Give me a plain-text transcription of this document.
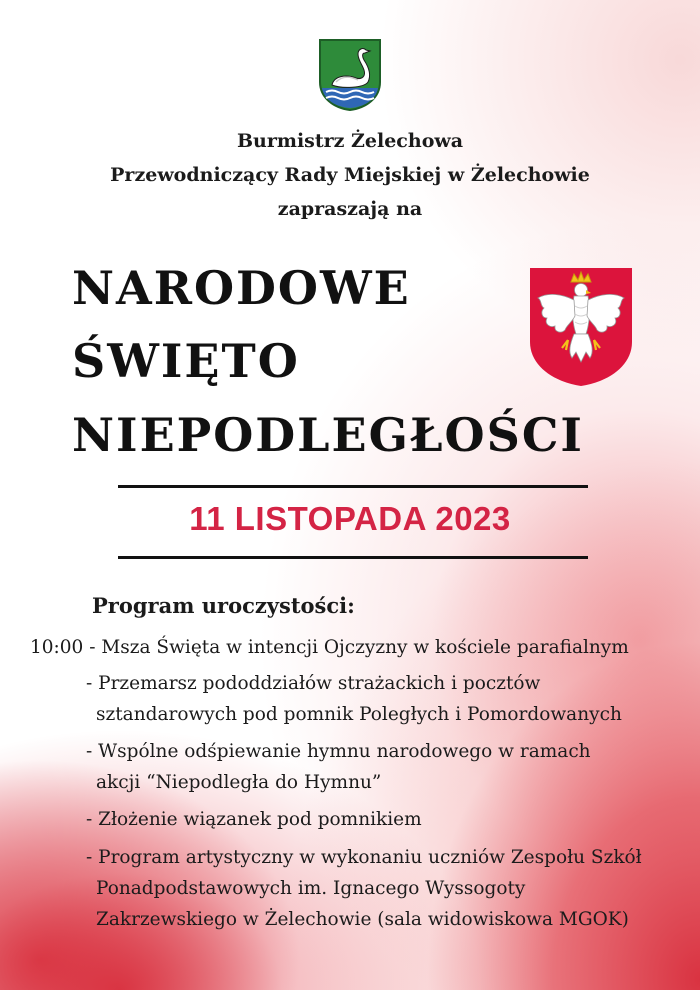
Burmistrz Żelechowa
Przewodniczący Rady Miejskiej w Żelechowie
zapraszają na
NARODOWE
ŚWIĘTO
NIEPODLEGŁOŚCI
11 LISTOPADA 2023
Program uroczystości:
10:00 - Msza Święta w intencji Ojczyzny w kościele parafialnym
- Przemarsz pododdziałów strażackich i pocztów
sztandarowych pod pomnik Poległych i Pomordowanych
- Wspólne odśpiewanie hymnu narodowego w ramach
akcji “Niepodległa do Hymnu”
- Złożenie wiązanek pod pomnikiem
- Program artystyczny w wykonaniu uczniów Zespołu Szkół
Ponadpodstawowych im. Ignacego Wyssogoty
Zakrzewskiego w Żelechowie (sala widowiskowa MGOK)
